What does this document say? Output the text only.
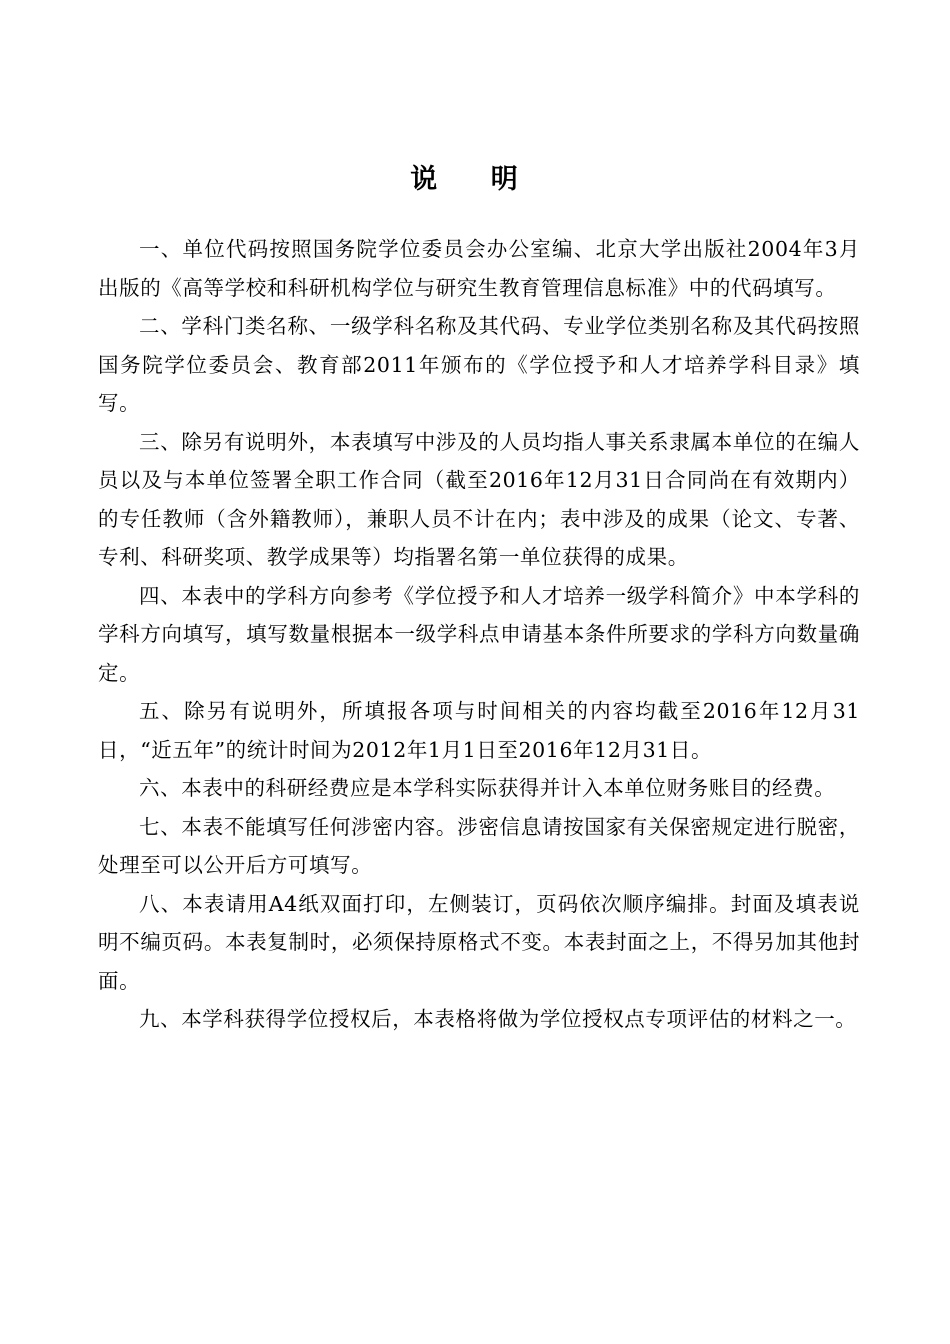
说 明

一、单位代码按照国务院学位委员会办公室编、北京大学出版社2004年3月出版的《高等学校和科研机构学位与研究生教育管理信息标准》中的代码填写。

二、学科门类名称、一级学科名称及其代码、专业学位类别名称及其代码按照国务院学位委员会、教育部2011年颁布的《学位授予和人才培养学科目录》填写。

三、除另有说明外，本表填写中涉及的人员均指人事关系隶属本单位的在编人员以及与本单位签署全职工作合同（截至2016年12月31日合同尚在有效期内）的专任教师（含外籍教师），兼职人员不计在内；表中涉及的成果（论文、专著、专利、科研奖项、教学成果等）均指署名第一单位获得的成果。

四、本表中的学科方向参考《学位授予和人才培养一级学科简介》中本学科的学科方向填写，填写数量根据本一级学科点申请基本条件所要求的学科方向数量确定。

五、除另有说明外，所填报各项与时间相关的内容均截至2016年12月31日，“近五年”的统计时间为2012年1月1日至2016年12月31日。

六、本表中的科研经费应是本学科实际获得并计入本单位财务账目的经费。

七、本表不能填写任何涉密内容。涉密信息请按国家有关保密规定进行脱密，处理至可以公开后方可填写。

八、本表请用A4纸双面打印，左侧装订，页码依次顺序编排。封面及填表说明不编页码。本表复制时，必须保持原格式不变。本表封面之上，不得另加其他封面。

九、本学科获得学位授权后，本表格将做为学位授权点专项评估的材料之一。
